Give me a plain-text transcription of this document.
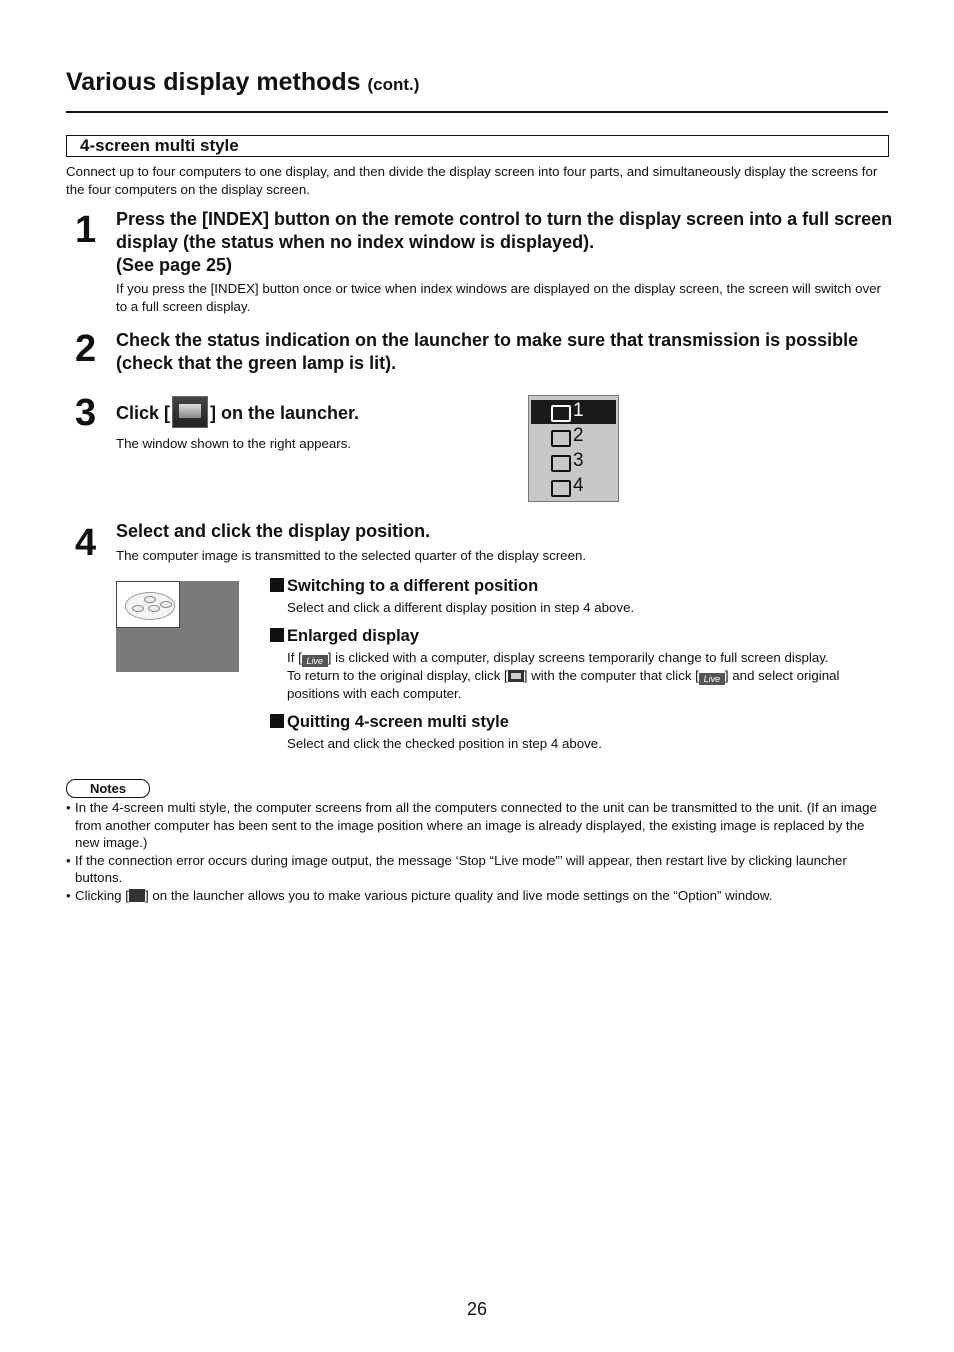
Various display methods (cont.)
4-screen multi style
Connect up to four computers to one display, and then divide the display screen into four parts, and simultaneously display the screens for the four computers on the display screen.
1 Press the [INDEX] button on the remote control to turn the display screen into a full screen display (the status when no index window is displayed).
(See page 25)
If you press the [INDEX] button once or twice when index windows are displayed on the display screen, the screen will switch over to a full screen display.
2 Check the status indication on the launcher to make sure that transmission is possible (check that the green lamp is lit).
3 Click [ ] on the launcher.
The window shown to the right appears.
1
2
3
4
4 Select and click the display position.
The computer image is transmitted to the selected quarter of the display screen.
Switching to a different position
Select and click a different display position in step 4 above.
Enlarged display
If [ Live ] is clicked with a computer, display screens temporarily change to full screen display.
To return to the original display, click [ ] with the computer that click [ Live ] and select original positions with each computer.
Quitting 4-screen multi style
Select and click the checked position in step 4 above.
Notes
• In the 4-screen multi style, the computer screens from all the computers connected to the unit can be transmitted to the unit. (If an image from another computer has been sent to the image position where an image is already displayed, the existing image is replaced by the new image.)
• If the connection error occurs during image output, the message ‘Stop “Live mode”’ will appear, then restart live by clicking launcher buttons.
• Clicking [ ] on the launcher allows you to make various picture quality and live mode settings on the “Option” window.
26
